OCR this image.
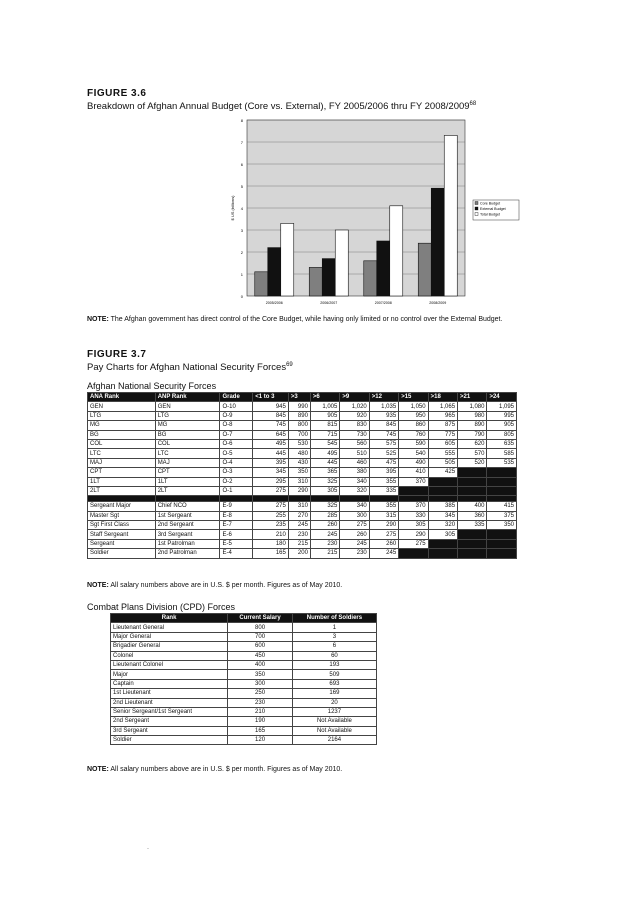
FIGURE 3.6
Breakdown of Afghan Annual Budget (Core vs. External), FY 2005/2006 thru FY 2008/2009$^{68}$
0
1
2
3
4
5
6
7
8
$ US (billions)
2005/2006	2006/2007	2007/2008	2008/2009
Core Budget
External Budget
Total Budget
NOTE: The Afghan government has direct control of the Core Budget, while having only limited or no control over the External Budget.
FIGURE 3.7
Pay Charts for Afghan National Security Forces$^{69}$
Afghan National Security Forces
ANA Rank	ANP Rank	Grade	<1 to 3	>3	>6	>9	>12	>15	>18	>21	>24
GEN	GEN	O-10	945	990	1,005	1,020	1,035	1,050	1,065	1,080	1,095
LTG	LTG	O-9	845	890	905	920	935	950	965	980	995
MG	MG	O-8	745	800	815	830	845	860	875	890	905
BG	BG	O-7	645	700	715	730	745	760	775	790	805
COL	COL	O-6	495	530	545	560	575	590	605	620	635
LTC	LTC	O-5	445	480	495	510	525	540	555	570	585
MAJ	MAJ	O-4	395	430	445	460	475	490	505	520	535
CPT	CPT	O-3	345	350	365	380	395	410	425		
1LT	1LT	O-2	295	310	325	340	355	370			
2LT	2LT	O-1	275	290	305	320	335				

Sergeant Major	Chief NCO	E-9	275	310	325	340	355	370	385	400	415
Master Sgt	1st Sergeant	E-8	255	270	285	300	315	330	345	360	375
Sgt First Class	2nd Sergeant	E-7	235	245	260	275	290	305	320	335	350
Staff Sergeant	3rd Sergeant	E-6	210	230	245	260	275	290	305		
Sergeant	1st Patrolman	E-5	180	215	230	245	260	275			
Soldier	2nd Patrolman	E-4	165	200	215	230	245				
NOTE: All salary numbers above are in U.S. $ per month. Figures as of May 2010.
Combat Plans Division (CPD) Forces
Rank	Current Salary	Number of Soldiers
Lieutenant General	800	1
Major General	700	3
Brigadier General	600	6
Colonel	450	60
Lieutenant Colonel	400	193
Major	350	509
Captain	300	693
1st Lieutenant	250	169
2nd Lieutenant	230	20
Senior Sergeant/1st Sergeant	210	1237
2nd Sergeant	190	Not Available
3rd Sergeant	165	Not Available
Soldier	120	2164
NOTE: All salary numbers above are in U.S. $ per month. Figures as of May 2010.
·
